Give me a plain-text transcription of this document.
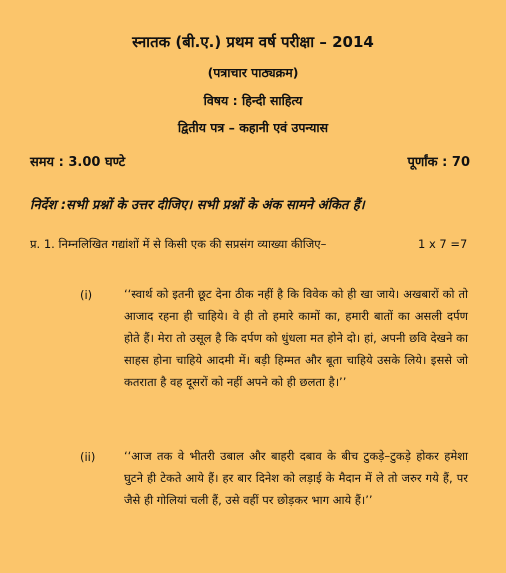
स्नातक (बी.ए.) प्रथम वर्ष परीक्षा – 2014
(पत्राचार पाठ्यक्रम)
विषय : हिन्दी साहित्य
द्वितीय पत्र – कहानी एवं उपन्यास
समय : 3.00 घण्टे	पूर्णांक : 70
निर्देश :सभी प्रश्नों के उत्तर दीजिए। सभी प्रश्नों के अंक सामने अंकित हैं।
प्र. 1. निम्नलिखित गद्यांशों में से किसी एक की सप्रसंग व्याख्या कीजिए–	1 x 7 =7
(i)	‘‘स्वार्थ को इतनी छूट देना ठीक नहीं है कि विवेक को ही खा जाये। अखबारों को तो आजाद रहना ही चाहिये। वे ही तो हमारे कामों का, हमारी बातों का असली दर्पण होते हैं। मेरा तो उसूल है कि दर्पण को धुंधला मत होने दो। हां, अपनी छवि देखने का साहस होना चाहिये आदमी में। बड़ी हिम्मत और बूता चाहिये उसके लिये। इससे जो कतराता है वह दूसरों को नहीं अपने को ही छलता है।’’
(ii) ‘‘आज तक वे भीतरी उबाल और बाहरी दबाव के बीच टुकड़े–टुकड़े होकर हमेशा घुटने ही टेकते आये हैं। हर बार दिनेश को लड़ाई के मैदान में ले तो जरुर गये हैं, पर जैसे ही गोलियां चली हैं, उसे वहीं पर छोड़कर भाग आये हैं।’’
